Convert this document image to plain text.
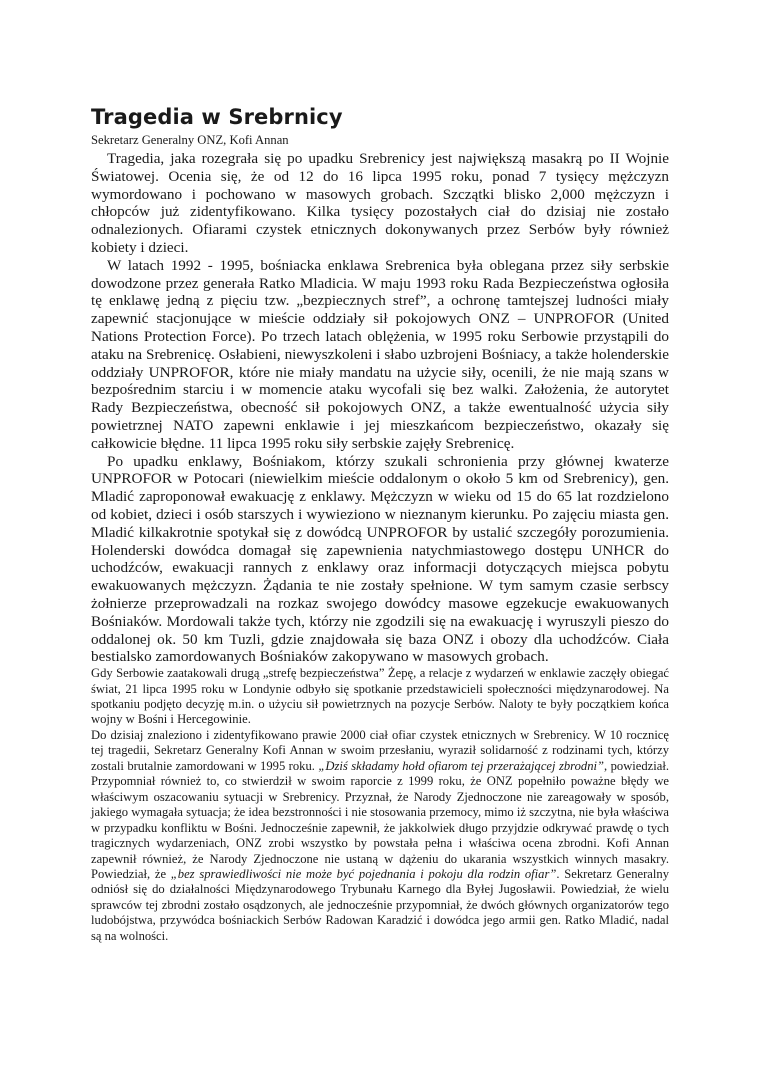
Tragedia w Srebrnicy
Sekretarz Generalny ONZ, Kofi Annan

Tragedia, jaka rozegrała się po upadku Srebrenicy jest największą masakrą po II Wojnie Światowej. Ocenia się, że od 12 do 16 lipca 1995 roku, ponad 7 tysięcy mężczyzn wymordowano i pochowano w masowych grobach. Szczątki blisko 2,000 mężczyzn i chłopców już zidentyfikowano. Kilka tysięcy pozostałych ciał do dzisiaj nie zostało odnalezionych. Ofiarami czystek etnicznych dokonywanych przez Serbów były również kobiety i dzieci.

W latach 1992 - 1995, bośniacka enklawa Srebrenica była oblegana przez siły serbskie dowodzone przez generała Ratko Mladicia. W maju 1993 roku Rada Bezpieczeństwa ogłosiła tę enklawę jedną z pięciu tzw. „bezpiecznych stref”, a ochronę tamtejszej ludności miały zapewnić stacjonujące w mieście oddziały sił pokojowych ONZ – UNPROFOR (United Nations Protection Force). Po trzech latach oblężenia, w 1995 roku Serbowie przystąpili do ataku na Srebrenicę. Osłabieni, niewyszkoleni i słabo uzbrojeni Bośniacy, a także holenderskie oddziały UNPROFOR, które nie miały mandatu na użycie siły, ocenili, że nie mają szans w bezpośrednim starciu i w momencie ataku wycofali się bez walki. Założenia, że autorytet Rady Bezpieczeństwa, obecność sił pokojowych ONZ, a także ewentualność użycia siły powietrznej NATO zapewni enklawie i jej mieszkańcom bezpieczeństwo, okazały się całkowicie błędne. 11 lipca 1995 roku siły serbskie zajęły Srebrenicę.

Po upadku enklawy, Bośniakom, którzy szukali schronienia przy głównej kwaterze UNPROFOR w Potocari (niewielkim mieście oddalonym o około 5 km od Srebrenicy), gen. Mladić zaproponował ewakuację z enklawy. Mężczyzn w wieku od 15 do 65 lat rozdzielono od kobiet, dzieci i osób starszych i wywieziono w nieznanym kierunku. Po zajęciu miasta gen. Mladić kilkakrotnie spotykał się z dowódcą UNPROFOR by ustalić szczegóły porozumienia. Holenderski dowódca domagał się zapewnienia natychmiastowego dostępu UNHCR do uchodźców, ewakuacji rannych z enklawy oraz informacji dotyczących miejsca pobytu ewakuowanych mężczyzn. Żądania te nie zostały spełnione. W tym samym czasie serbscy żołnierze przeprowadzali na rozkaz swojego dowódcy masowe egzekucje ewakuowanych Bośniaków. Mordowali także tych, którzy nie zgodzili się na ewakuację i wyruszyli pieszo do oddalonej ok. 50 km Tuzli, gdzie znajdowała się baza ONZ i obozy dla uchodźców. Ciała bestialsko zamordowanych Bośniaków zakopywano w masowych grobach.

Gdy Serbowie zaatakowali drugą „strefę bezpieczeństwa” Żepę, a relacje z wydarzeń w enklawie zaczęły obiegać świat, 21 lipca 1995 roku w Londynie odbyło się spotkanie przedstawicieli społeczności międzynarodowej. Na spotkaniu podjęto decyzję m.in. o użyciu sił powietrznych na pozycje Serbów. Naloty te były początkiem końca wojny w Bośni i Hercegowinie.

Do dzisiaj znaleziono i zidentyfikowano prawie 2000 ciał ofiar czystek etnicznych w Srebrenicy. W 10 rocznicę tej tragedii, Sekretarz Generalny Kofi Annan w swoim przesłaniu, wyraził solidarność z rodzinami tych, którzy zostali brutalnie zamordowani w 1995 roku. „Dziś składamy hołd ofiarom tej przerażającej zbrodni”, powiedział. Przypomniał również to, co stwierdził w swoim raporcie z 1999 roku, że ONZ popełniło poważne błędy we właściwym oszacowaniu sytuacji w Srebrenicy. Przyznał, że Narody Zjednoczone nie zareagowały w sposób, jakiego wymagała sytuacja; że idea bezstronności i nie stosowania przemocy, mimo iż szczytna, nie była właściwa w przypadku konfliktu w Bośni. Jednocześnie zapewnił, że jakkolwiek długo przyjdzie odkrywać prawdę o tych tragicznych wydarzeniach, ONZ zrobi wszystko by powstała pełna i właściwa ocena zbrodni. Kofi Annan zapewnił również, że Narody Zjednoczone nie ustaną w dążeniu do ukarania wszystkich winnych masakry. Powiedział, że „bez sprawiedliwości nie może być pojednania i pokoju dla rodzin ofiar”. Sekretarz Generalny odniósł się do działalności Międzynarodowego Trybunału Karnego dla Byłej Jugosławii. Powiedział, że wielu sprawców tej zbrodni zostało osądzonych, ale jednocześnie przypomniał, że dwóch głównych organizatorów tego ludobójstwa, przywódca bośniackich Serbów Radowan Karadzić i dowódca jego armii gen. Ratko Mladić, nadal są na wolności.
